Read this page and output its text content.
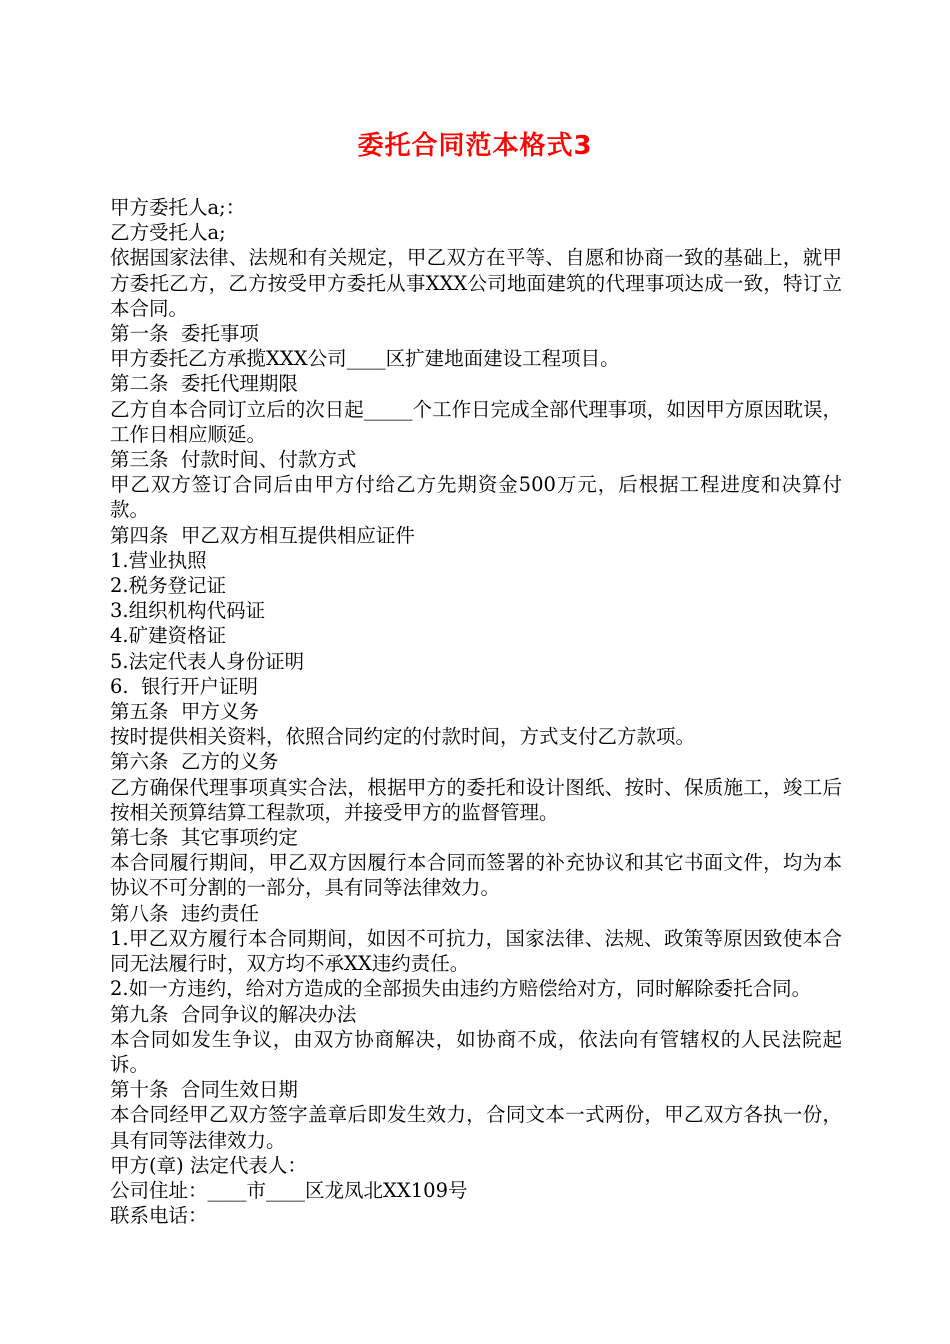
委托合同范本格式3

甲方委托人a;：

乙方受托人a;

依据国家法律、法规和有关规定，甲乙双方在平等、自愿和协商一致的基础上，就甲方委托乙方，乙方按受甲方委托从事XXX公司地面建筑的代理事项达成一致，特订立本合同。

第一条  委托事项

甲方委托乙方承揽XXX公司____区扩建地面建设工程项目。

第二条  委托代理期限

乙方自本合同订立后的次日起_____个工作日完成全部代理事项，如因甲方原因耽误，工作日相应顺延。

第三条  付款时间、付款方式

甲乙双方签订合同后由甲方付给乙方先期资金500万元，后根据工程进度和决算付款。

第四条  甲乙双方相互提供相应证件

1.营业执照

2.税务登记证

3.组织机构代码证

4.矿建资格证

5.法定代表人身份证明

6.  银行开户证明

第五条  甲方义务

按时提供相关资料，依照合同约定的付款时间，方式支付乙方款项。

第六条  乙方的义务

乙方确保代理事项真实合法，根据甲方的委托和设计图纸、按时、保质施工，竣工后按相关预算结算工程款项，并接受甲方的监督管理。

第七条  其它事项约定

本合同履行期间，甲乙双方因履行本合同而签署的补充协议和其它书面文件，均为本协议不可分割的一部分，具有同等法律效力。

第八条  违约责任

1.甲乙双方履行本合同期间，如因不可抗力，国家法律、法规、政策等原因致使本合同无法履行时，双方均不承XX违约责任。

2.如一方违约，给对方造成的全部损失由违约方赔偿给对方，同时解除委托合同。

第九条  合同争议的解决办法

本合同如发生争议，由双方协商解决，如协商不成，依法向有管辖权的人民法院起诉。

第十条  合同生效日期

本合同经甲乙双方签字盖章后即发生效力，合同文本一式两份，甲乙双方各执一份，具有同等法律效力。

甲方(章) 法定代表人：

公司住址：____市____区龙凤北XX109号

联系电话：
